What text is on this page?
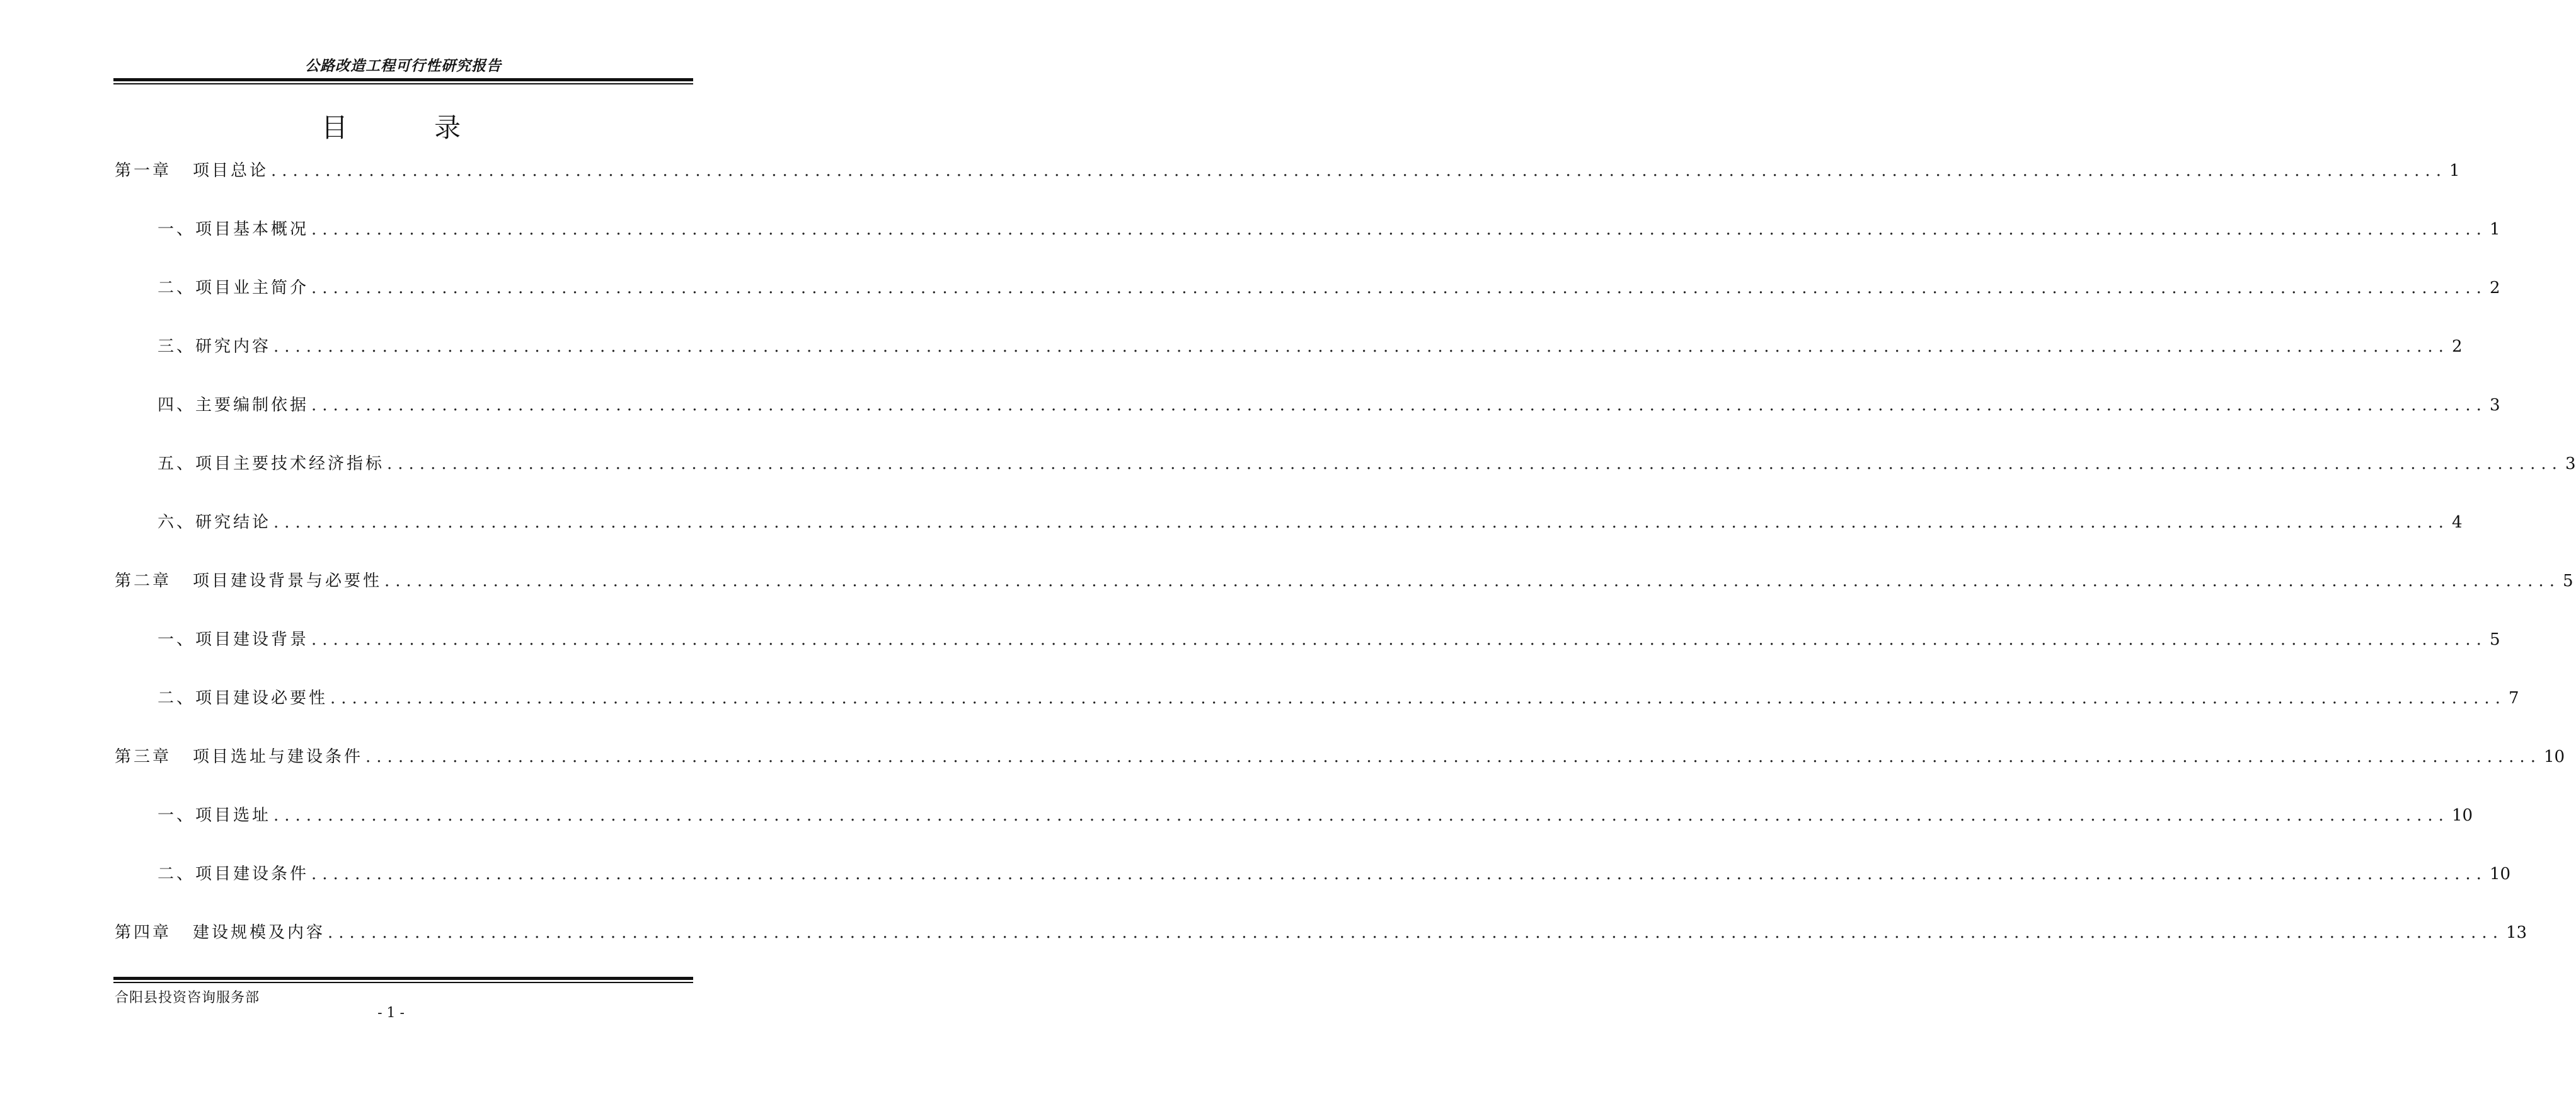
公路改造工程可行性研究报告
目 录
第一章 项目总论 ........................................................................................................................................................................................................ 1
一、项目基本概况 ........................................................................................................................................................................................................ 1
二、项目业主简介 ........................................................................................................................................................................................................ 2
三、研究内容 ........................................................................................................................................................................................................ 2
四、主要编制依据 ........................................................................................................................................................................................................ 3
五、项目主要技术经济指标 ........................................................................................................................................................................................................ 3
六、研究结论 ........................................................................................................................................................................................................ 4
第二章 项目建设背景与必要性 ........................................................................................................................................................................................................ 5
一、项目建设背景 ........................................................................................................................................................................................................ 5
二、项目建设必要性 ........................................................................................................................................................................................................ 7
第三章 项目选址与建设条件 ........................................................................................................................................................................................................ 10
一、项目选址 ........................................................................................................................................................................................................ 10
二、项目建设条件 ........................................................................................................................................................................................................ 10
第四章 建设规模及内容 ........................................................................................................................................................................................................ 13
合阳县投资咨询服务部
- 1 -
